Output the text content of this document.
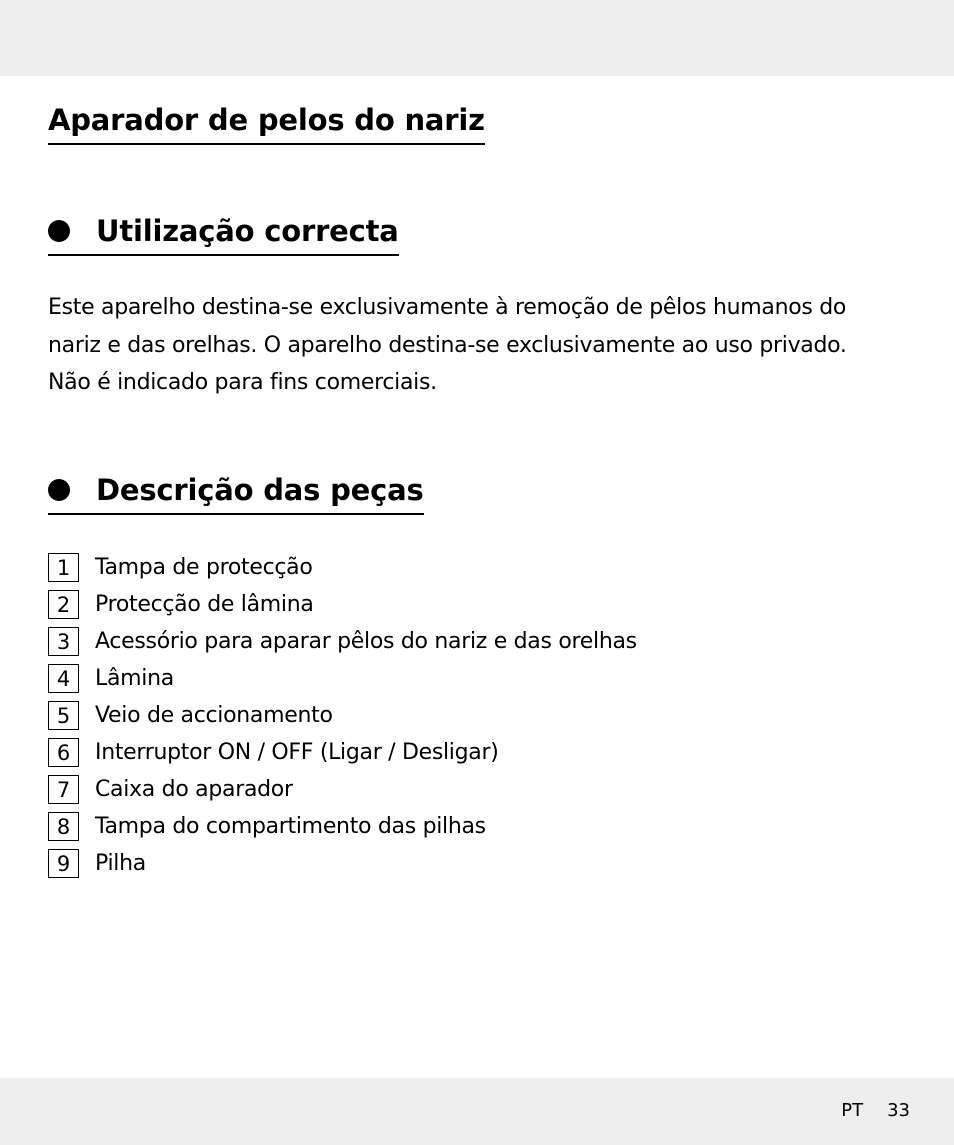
Aparador de pelos do nariz
Utilização correcta

Este aparelho destina-se exclusivamente à remoção de pêlos humanos do
nariz e das orelhas. O aparelho destina-se exclusivamente ao uso privado.
Não é indicado para fins comerciais.

Descrição das peças
1	Tampa de protecção
2	Protecção de lâmina
3	Acessório para aparar pêlos do nariz e das orelhas
4	Lâmina
5	Veio de accionamento
6	Interruptor ON / OFF (Ligar / Desligar)
7	Caixa do aparador
8	Tampa do compartimento das pilhas
9	Pilha
PT 33
